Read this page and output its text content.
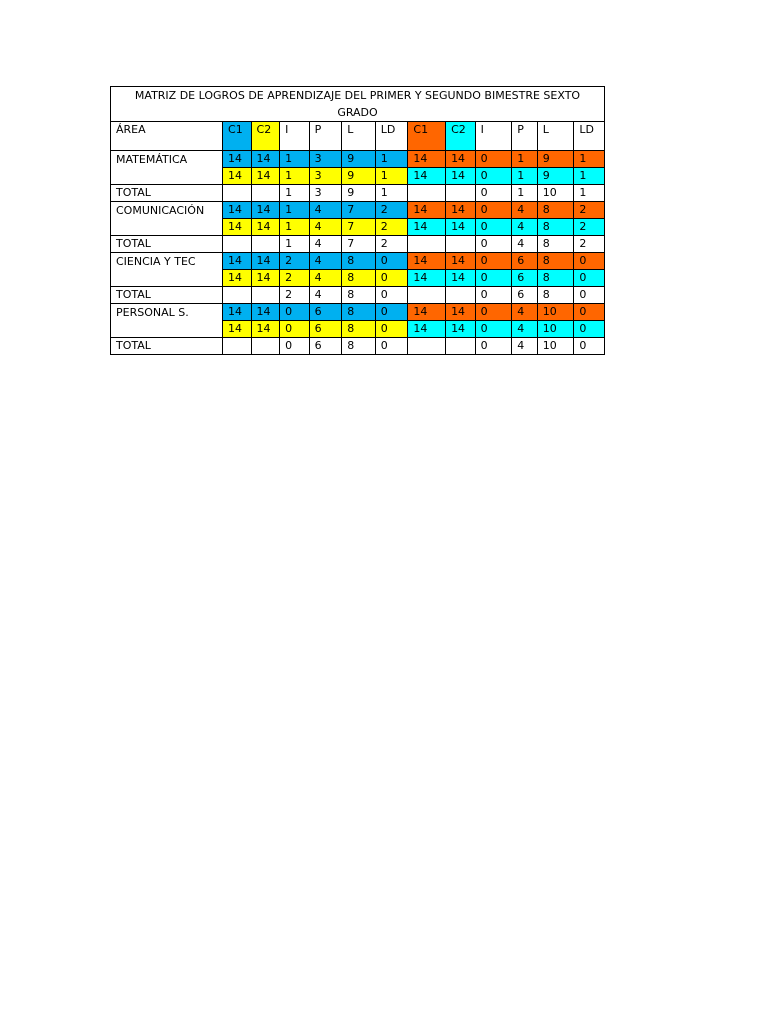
MATRIZ DE LOGROS DE APRENDIZAJE DEL PRIMER Y SEGUNDO BIMESTRE SEXTO GRADO												
ÁREA	C1	C2	I	P	L	LD	C1	C2	I	P	L	LD
MATEMÁTICA	14	14	1	3	9	1	14	14	0	1	9	1
	14	14	1	3	9	1	14	14	0	1	9	1
TOTAL			1	3	9	1			0	1	10	1
COMUNICACIÓN	14	14	1	4	7	2	14	14	0	4	8	2
	14	14	1	4	7	2	14	14	0	4	8	2
TOTAL			1	4	7	2			0	4	8	2
CIENCIA Y TEC	14	14	2	4	8	0	14	14	0	6	8	0
	14	14	2	4	8	0	14	14	0	6	8	0
TOTAL			2	4	8	0			0	6	8	0
PERSONAL S.	14	14	0	6	8	0	14	14	0	4	10	0
	14	14	0	6	8	0	14	14	0	4	10	0
TOTAL			0	6	8	0			0	4	10	0
